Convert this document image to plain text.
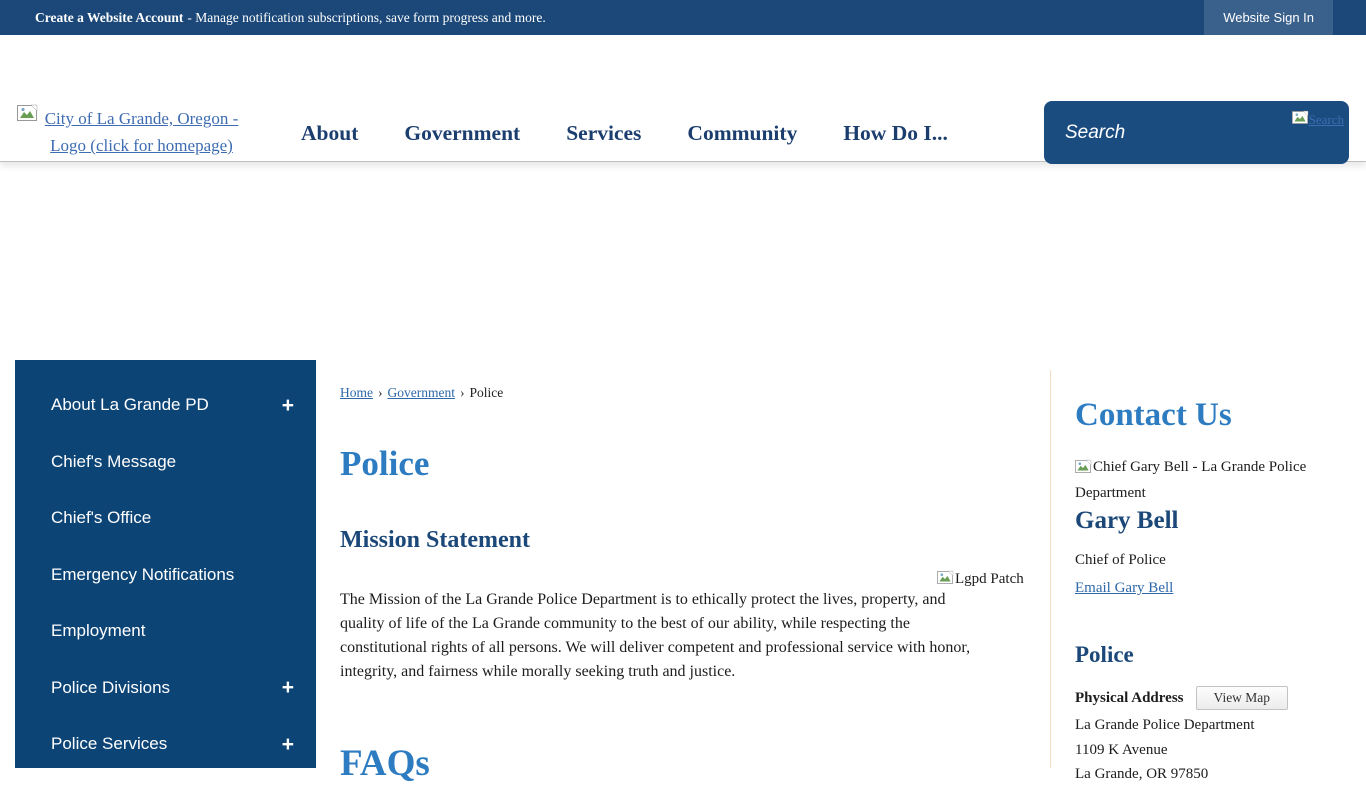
Create a Website Account - Manage notification subscriptions, save form progress and more.	Website Sign In
City of La Grande, Oregon - Logo (click for homepage)
About Government Services Community How Do I...
Search
Search
About La Grande PD	+
Chief's Message
Chief's Office
Emergency Notifications
Employment
Police Divisions	+
Police Services	+
Home › Government › Police
Police
Mission Statement
Lgpd Patch

The Mission of the La Grande Police Department is to ethically protect the lives, property, and quality of life of the La Grande community to the best of our ability, while respecting the constitutional rights of all persons. We will deliver competent and professional service with honor, integrity, and fairness while morally seeking truth and justice.

FAQs
Contact Us
Chief Gary Bell - La Grande Police Department
Gary Bell
Chief of Police
Email Gary Bell
Police
Physical Address	View Map
La Grande Police Department
1109 K Avenue
La Grande, OR 97850
